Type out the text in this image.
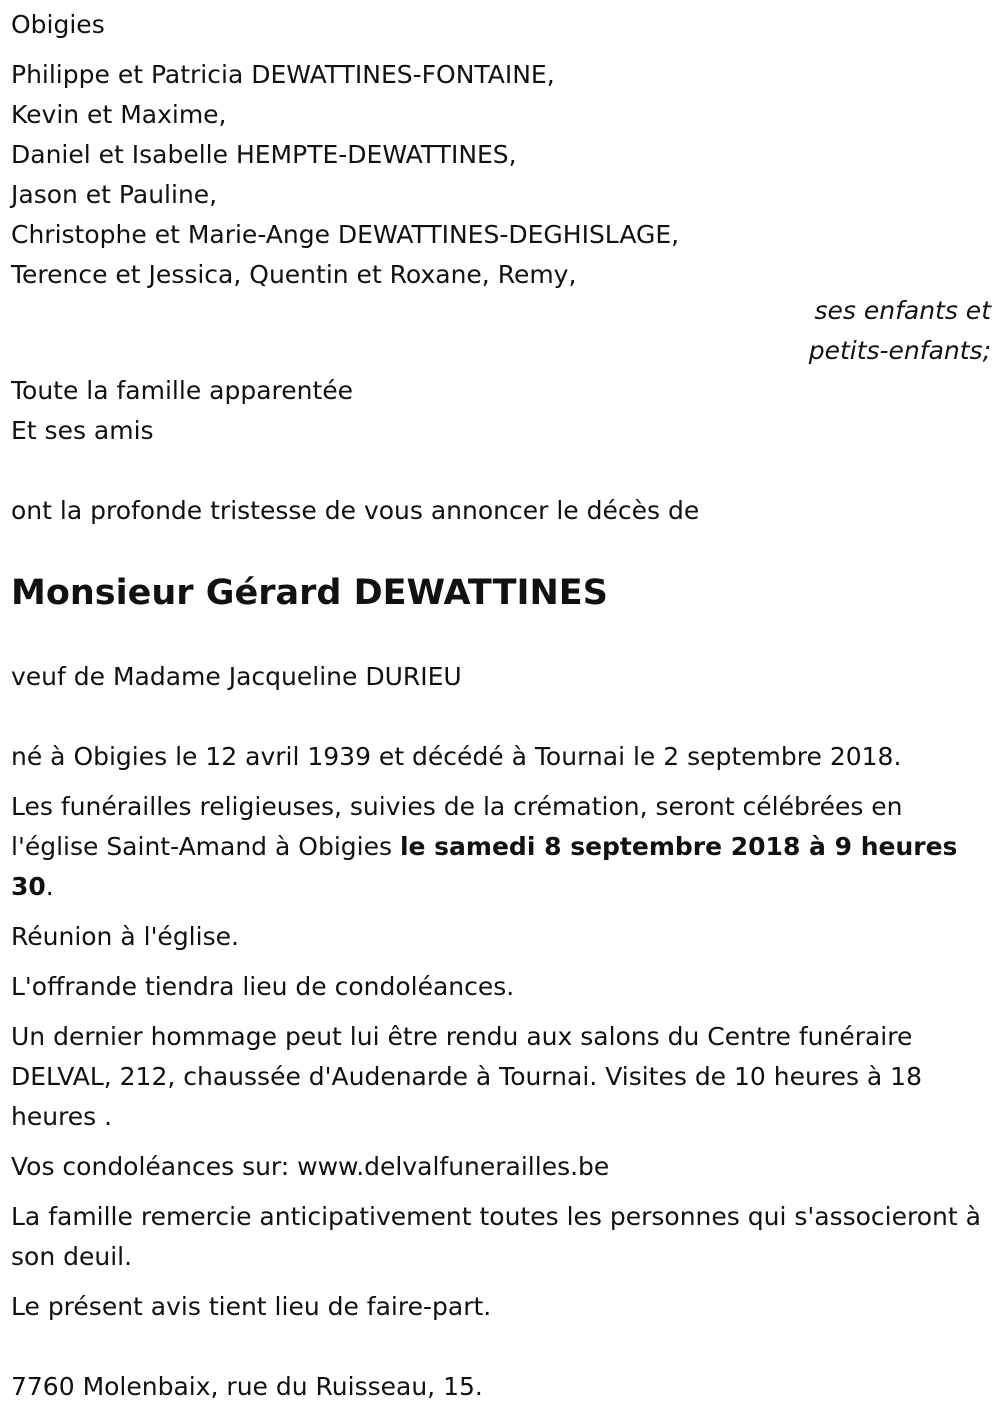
Obigies

Philippe et Patricia DEWATTINES-FONTAINE,

Kevin et Maxime,

Daniel et Isabelle HEMPTE-DEWATTINES,

Jason et Pauline,

Christophe et Marie-Ange DEWATTINES-DEGHISLAGE,

Terence et Jessica, Quentin et Roxane, Remy,

ses enfants et

petits-enfants;

Toute la famille apparentée

Et ses amis

ont la profonde tristesse de vous annoncer le décès de

Monsieur Gérard DEWATTINES

veuf de Madame Jacqueline DURIEU

né à Obigies le 12 avril 1939 et décédé à Tournai le 2 septembre 2018.

Les funérailles religieuses, suivies de la crémation, seront célébrées en l'église Saint-Amand à Obigies le samedi 8 septembre 2018 à 9 heures 30.

Réunion à l'église.

L'offrande tiendra lieu de condoléances.

Un dernier hommage peut lui être rendu aux salons du Centre funéraire DELVAL, 212, chaussée d'Audenarde à Tournai. Visites de 10 heures à 18 heures .

Vos condoléances sur: www.delvalfunerailles.be

La famille remercie anticipativement toutes les personnes qui s'associeront à son deuil.

Le présent avis tient lieu de faire-part.

7760 Molenbaix, rue du Ruisseau, 15.
